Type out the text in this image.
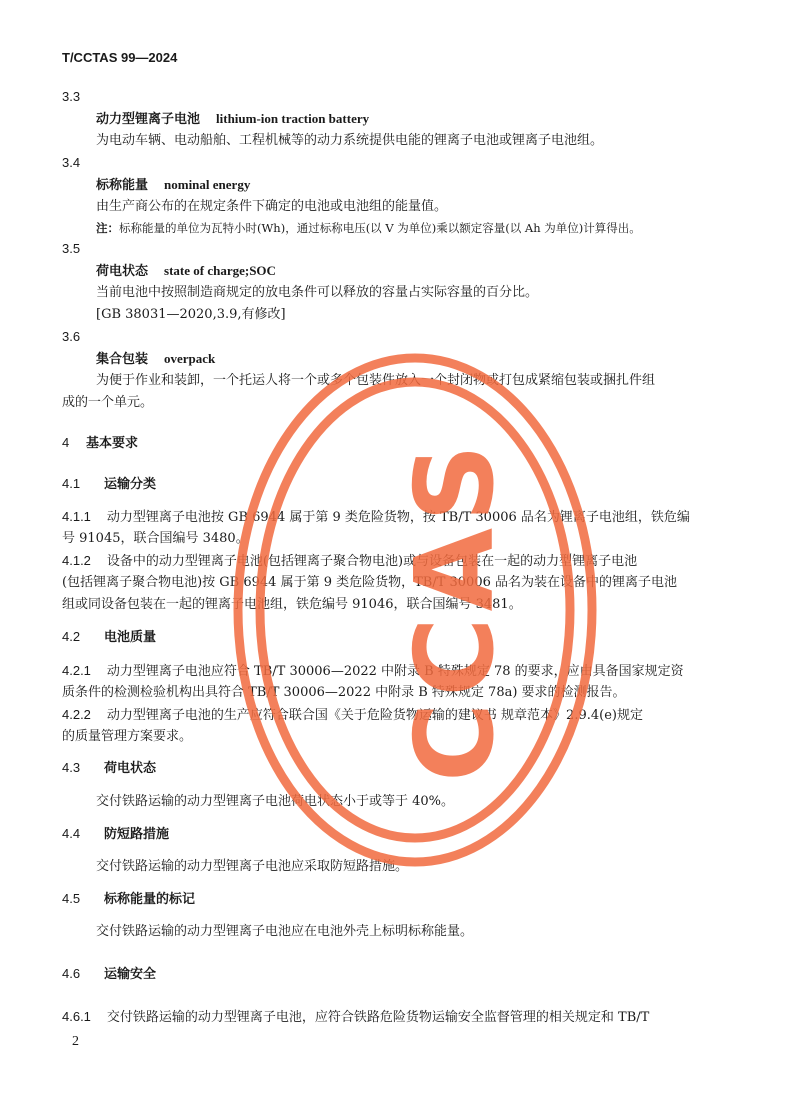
T/CCTAS 99—2024
3.3
动力型锂离子电池 lithium-ion traction battery
为电动车辆、电动船舶、工程机械等的动力系统提供电能的锂离子电池或锂离子电池组。
3.4
标称能量 nominal energy
由生产商公布的在规定条件下确定的电池或电池组的能量值。
注：标称能量的单位为瓦特小时(Wh)，通过标称电压(以 V 为单位)乘以额定容量(以 Ah 为单位)计算得出。
3.5
荷电状态 state of charge;SOC
当前电池中按照制造商规定的放电条件可以释放的容量占实际容量的百分比。
[GB 38031—2020,3.9,有修改]
3.6
集合包装 overpack
为便于作业和装卸，一个托运人将一个或多个包装件放入一个封闭物或打包成紧缩包装或捆扎件组
成的一个单元。
4 基本要求
4.1 运输分类
4.1.1 动力型锂离子电池按 GB 6944 属于第 9 类危险货物，按 TB/T 30006 品名为锂离子电池组，铁危编
号 91045，联合国编号 3480。
4.1.2 设备中的动力型锂离子电池(包括锂离子聚合物电池)或与设备包装在一起的动力型锂离子电池
(包括锂离子聚合物电池)按 GB 6944 属于第 9 类危险货物，TB/T 30006 品名为装在设备中的锂离子电池
组或同设备包装在一起的锂离子电池组，铁危编号 91046，联合国编号 3481。
4.2 电池质量
4.2.1 动力型锂离子电池应符合 TB/T 30006—2022 中附录 B 特殊规定 78 的要求，应由具备国家规定资
质条件的检测检验机构出具符合 TB/T 30006—2022 中附录 B 特殊规定 78a) 要求的检测报告。
4.2.2 动力型锂离子电池的生产应符合联合国《关于危险货物运输的建议书 规章范本》2.9.4(e)规定
的质量管理方案要求。
4.3 荷电状态
交付铁路运输的动力型锂离子电池荷电状态小于或等于 40%。
4.4 防短路措施
交付铁路运输的动力型锂离子电池应采取防短路措施。
4.5 标称能量的标记
交付铁路运输的动力型锂离子电池应在电池外壳上标明标称能量。
4.6 运输安全
4.6.1 交付铁路运输的动力型锂离子电池，应符合铁路危险货物运输安全监督管理的相关规定和 TB/T
2
CCAS
